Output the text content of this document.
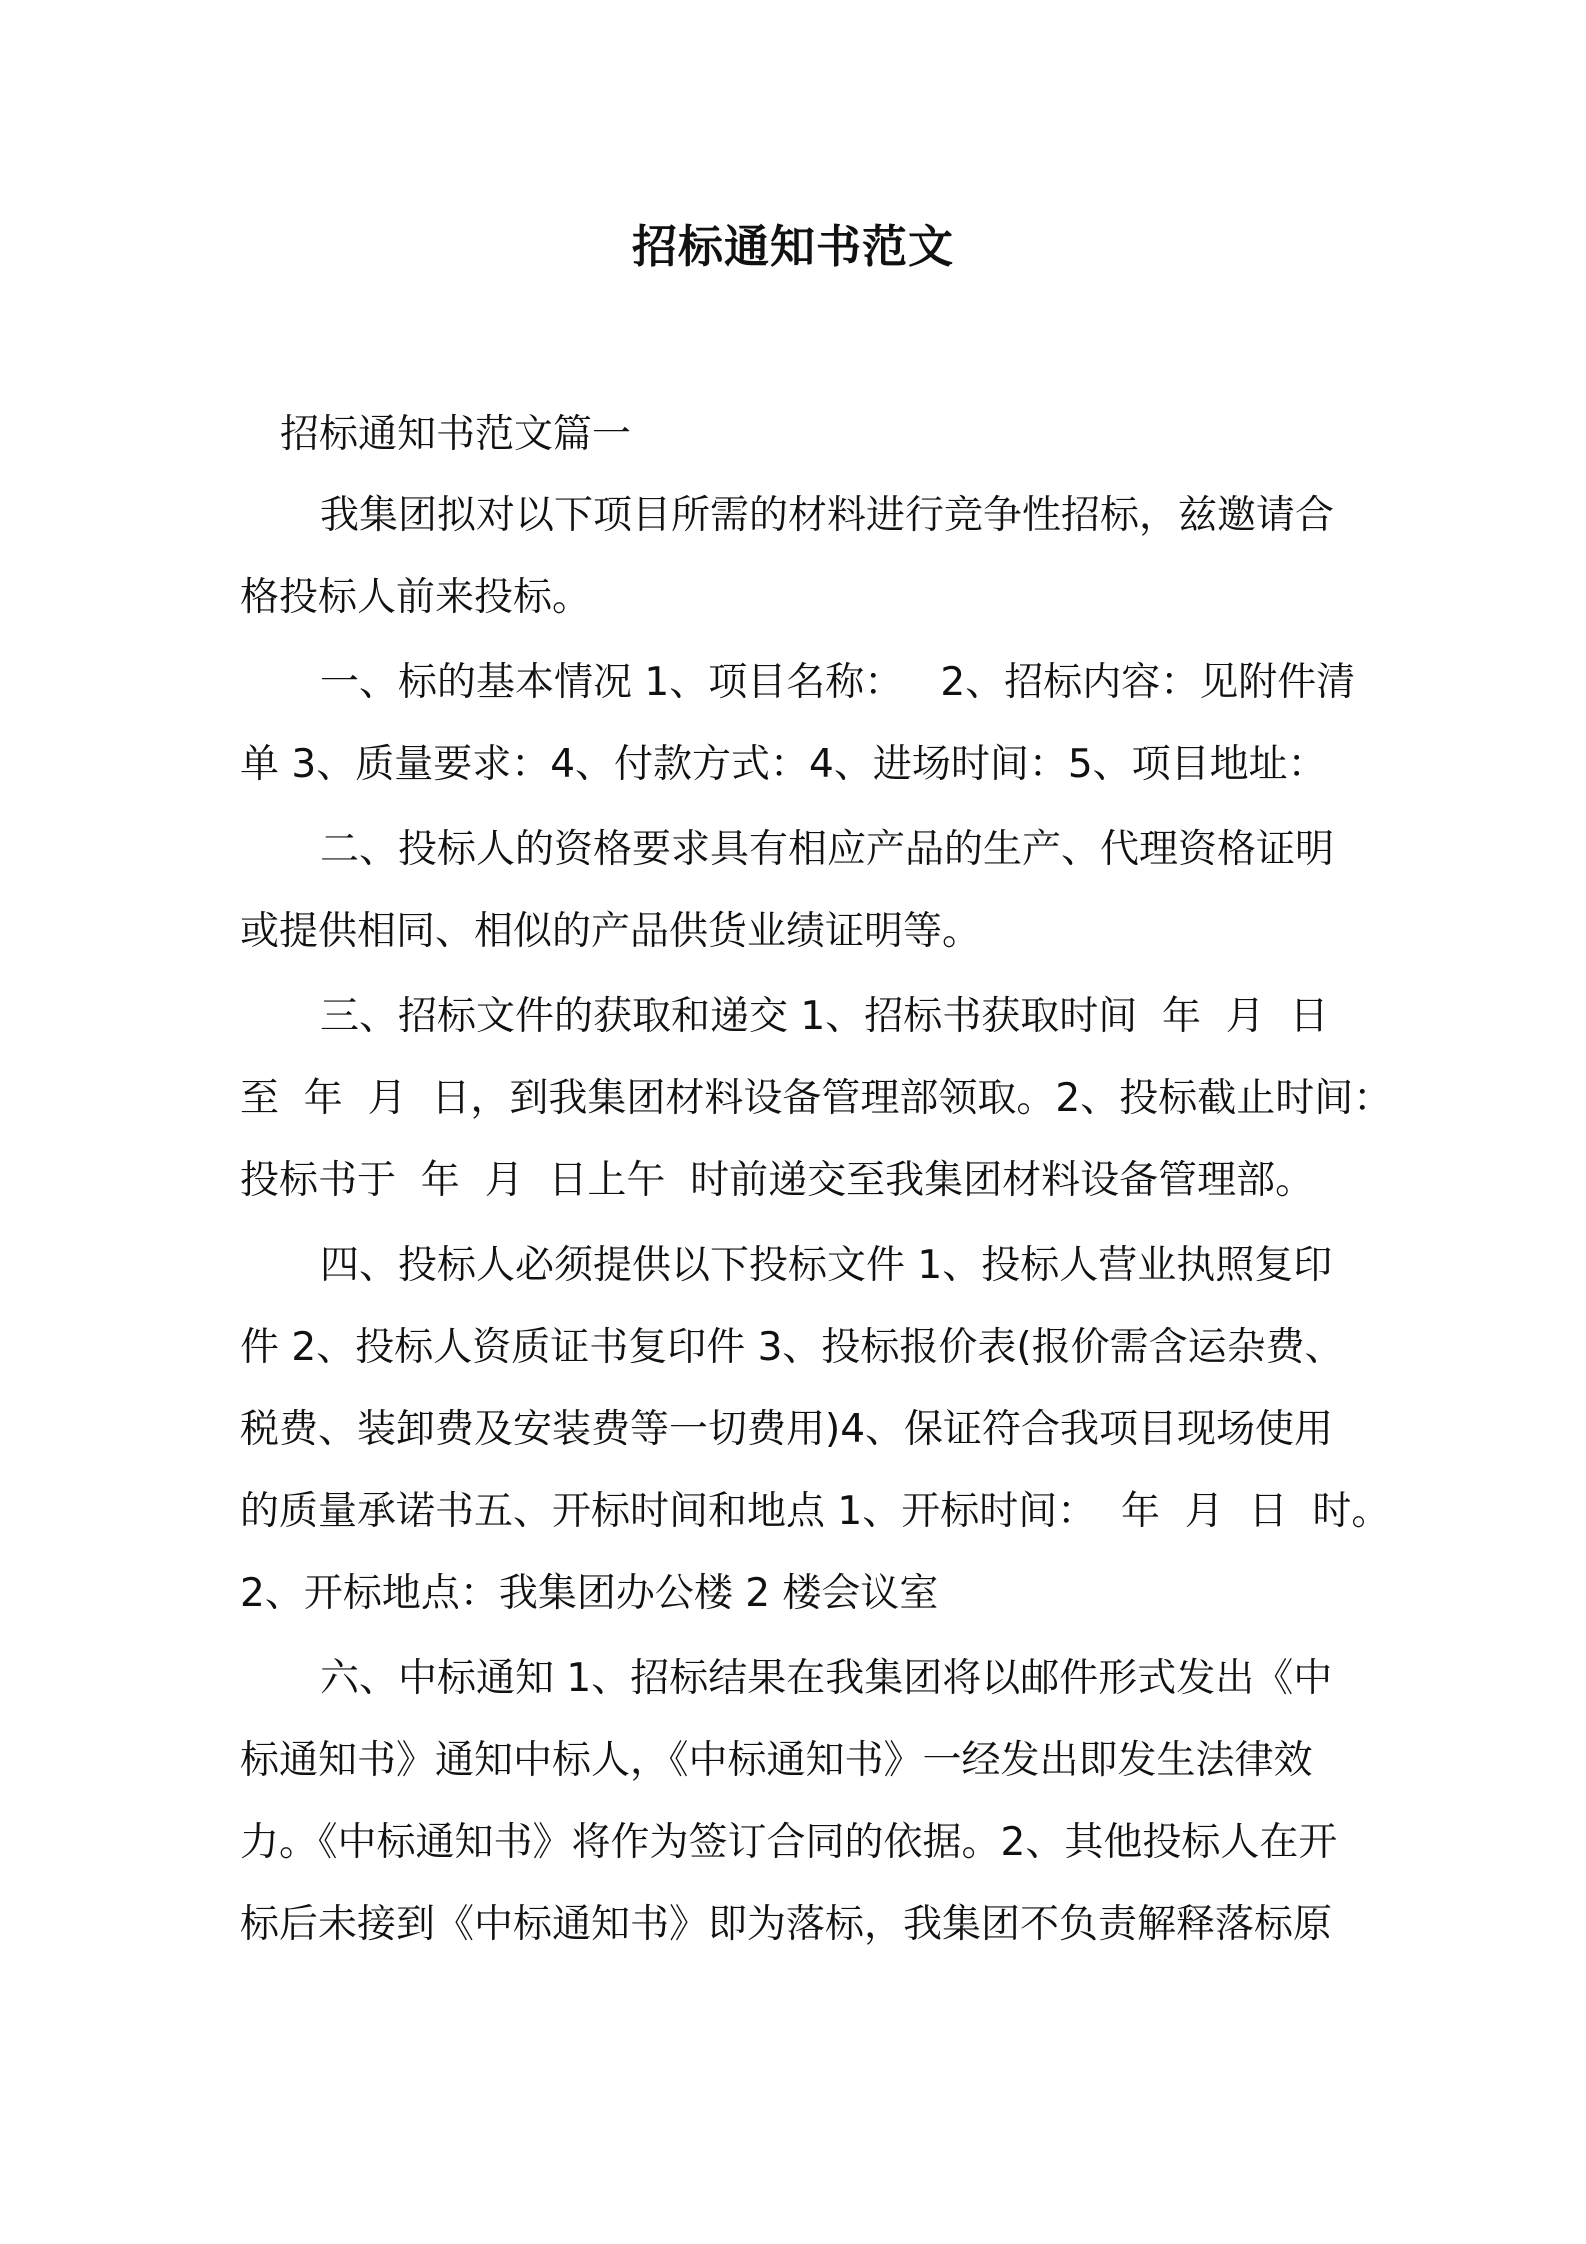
招标通知书范文
招标通知书范文篇一
我集团拟对以下项目所需的材料进行竞争性招标，兹邀请合
格投标人前来投标。
一、标的基本情况 1、项目名称：   2、招标内容：见附件清
单 3、质量要求：4、付款方式：4、进场时间：5、项目地址：
二、投标人的资格要求具有相应产品的生产、代理资格证明
或提供相同、相似的产品供货业绩证明等。
三、招标文件的获取和递交 1、招标书获取时间  年  月  日
至  年  月  日，到我集团材料设备管理部领取。2、投标截止时间：
投标书于  年  月  日上午  时前递交至我集团材料设备管理部。
四、投标人必须提供以下投标文件 1、投标人营业执照复印
件 2、投标人资质证书复印件 3、投标报价表(报价需含运杂费、
税费、装卸费及安装费等一切费用)4、保证符合我项目现场使用
的质量承诺书五、开标时间和地点 1、开标时间：  年  月  日  时。
2、开标地点：我集团办公楼 2 楼会议室
六、中标通知 1、招标结果在我集团将以邮件形式发出《中
标通知书》通知中标人，《中标通知书》一经发出即发生法律效
力。《中标通知书》将作为签订合同的依据。2、其他投标人在开
标后未接到《中标通知书》即为落标，我集团不负责解释落标原
